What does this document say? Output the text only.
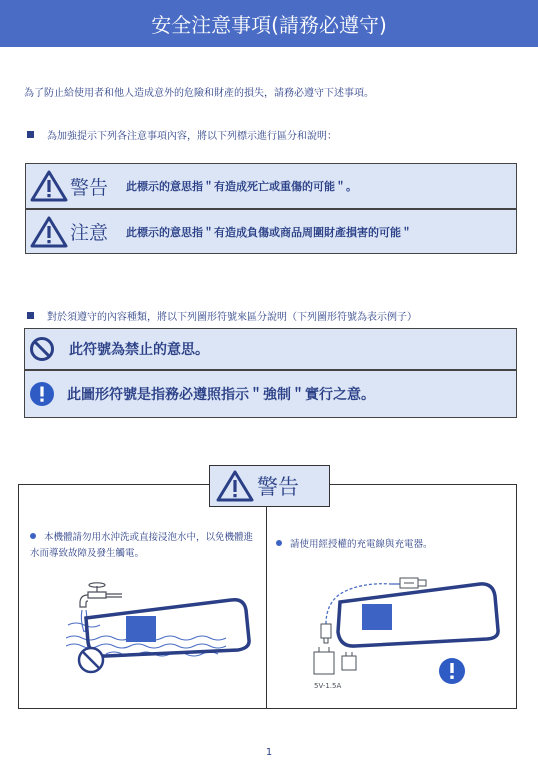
安全注意事項(請務必遵守)
為了防止給使用者和他人造成意外的危險和財產的損失，請務必遵守下述事項。
為加強提示下列各注意事項內容，將以下列標示進行區分和說明：
警告 此標示的意思指＂有造成死亡或重傷的可能＂。
注意 此標示的意思指＂有造成負傷或商品周圍財產損害的可能＂
對於須遵守的內容種類，將以下列圖形符號來區分說明（下列圖形符號為表示例子）
此符號為禁止的意思。
此圖形符號是指務必遵照指示＂強制＂實行之意。
警告
本機體請勿用水沖洗或直接浸泡水中，以免機體進水而導致故障及發生觸電。
請使用經授權的充電線與充電器。
5V-1.5A
1
